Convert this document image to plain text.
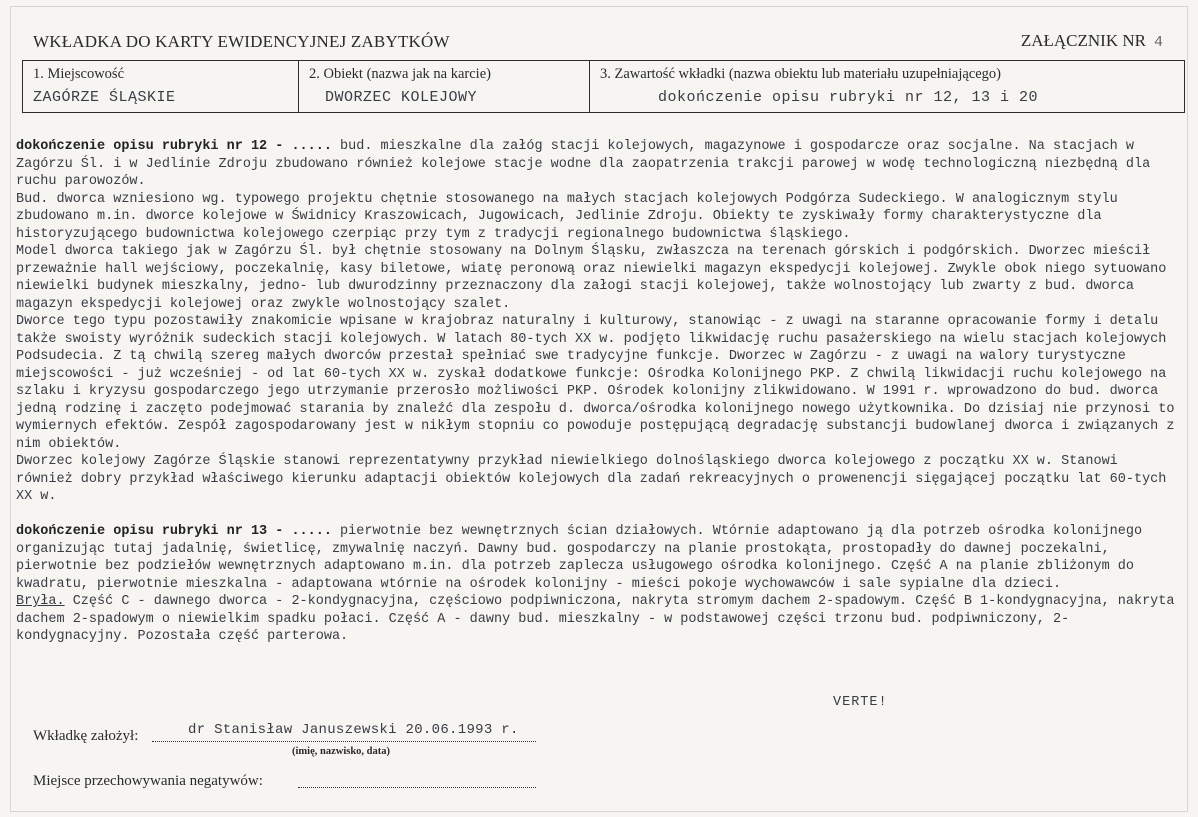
WKŁADKA DO KARTY EWIDENCYJNEJ ZABYTKÓW	ZAŁĄCZNIK NR 4
1. Miejscowość
ZAGÓRZE ŚLĄSKIE

2. Obiekt (nazwa jak na karcie)
DWORZEC KOLEJOWY

3. Zawartość wkładki (nazwa obiektu lub materiału uzupełniającego)
dokończenie opisu rubryki nr 12, 13 i 20
dokończenie opisu rubryki nr 12 - ..... bud. mieszkalne dla załóg stacji kolejowych, magazynowe i gospodarcze oraz socjalne. Na stacjach w Zagórzu Śl. i w Jedlinie Zdroju zbudowano również kolejowe stacje wodne dla zaopatrzenia trakcji parowej w wodę technologiczną niezbędną dla ruchu parowozów.
Bud. dworca wzniesiono wg. typowego projektu chętnie stosowanego na małych stacjach kolejowych Podgórza Sudeckiego. W analogicznym stylu zbudowano m.in. dworce kolejowe w Świdnicy Kraszowicach, Jugowicach, Jedlinie Zdroju. Obiekty te zyskiwały formy charakterystyczne dla historyzującego budownictwa kolejowego czerpiąc przy tym z tradycji regionalnego budownictwa śląskiego.
Model dworca takiego jak w Zagórzu Śl. był chętnie stosowany na Dolnym Śląsku, zwłaszcza na terenach górskich i podgórskich. Dworzec mieścił przeważnie hall wejściowy, poczekalnię, kasy biletowe, wiatę peronową oraz niewielki magazyn ekspedycji kolejowej. Zwykle obok niego sytuowano niewielki budynek mieszkalny, jedno- lub dwurodzinny przeznaczony dla załogi stacji kolejowej, także wolnostojący lub zwarty z bud. dworca magazyn ekspedycji kolejowej oraz zwykle wolnostojący szalet.
Dworce tego typu pozostawiły znakomicie wpisane w krajobraz naturalny i kulturowy, stanowiąc - z uwagi na staranne opracowanie formy i detalu także swoisty wyróżnik sudeckich stacji kolejowych. W latach 80-tych XX w. podjęto likwidację ruchu pasażerskiego na wielu stacjach kolejowych Podsudecia. Z tą chwilą szereg małych dworców przestał spełniać swe tradycyjne funkcje. Dworzec w Zagórzu - z uwagi na walory turystyczne miejscowości - już wcześniej - od lat 60-tych XX w. zyskał dodatkowe funkcje: Ośrodka Kolonijnego PKP. Z chwilą likwidacji ruchu kolejowego na szlaku i kryzysu gospodarczego jego utrzymanie przerosło możliwości PKP. Ośrodek kolonijny zlikwidowano. W 1991 r. wprowadzono do bud. dworca jedną rodzinę i zaczęto podejmować starania by znaleźć dla zespołu d. dworca/ośrodka kolonijnego nowego użytkownika. Do dzisiaj nie przynosi to wymiernych efektów. Zespół zagospodarowany jest w nikłym stopniu co powoduje postępującą degradację substancji budowlanej dworca i związanych z nim obiektów.
Dworzec kolejowy Zagórze Śląskie stanowi reprezentatywny przykład niewielkiego dolnośląskiego dworca kolejowego z początku XX w. Stanowi również dobry przykład właściwego kierunku adaptacji obiektów kolejowych dla zadań rekreacyjnych o prowenencji sięgającej początku lat 60-tych XX w.
dokończenie opisu rubryki nr 13 - ..... pierwotnie bez wewnętrznych ścian działowych. Wtórnie adaptowano ją dla potrzeb ośrodka kolonijnego organizując tutaj jadalnię, świetlicę, zmywalnię naczyń. Dawny bud. gospodarczy na planie prostokąta, prostopadły do dawnej poczekalni, pierwotnie bez podziełów wewnętrznych adaptowano m.in. dla potrzeb zaplecza usługowego ośrodka kolonijnego. Część A na planie zbliżonym do kwadratu, pierwotnie mieszkalna - adaptowana wtórnie na ośrodek kolonijny - mieści pokoje wychowawców i sale sypialne dla dzieci.
Bryła. Część C - dawnego dworca - 2-kondygnacyjna, częściowo podpiwniczona, nakryta stromym dachem 2-spadowym. Część B 1-kondygnacyjna, nakryta dachem 2-spadowym o niewielkim spadku połaci. Część A - dawny bud. mieszkalny - w podstawowej części trzonu bud. podpiwniczony, 2-kondygnacyjny. Pozostała część parterowa.
VERTE!
Wkładkę założył:	dr Stanisław Januszewski 20.06.1993 r.
(imię, nazwisko, data)
Miejsce przechowywania negatywów:
